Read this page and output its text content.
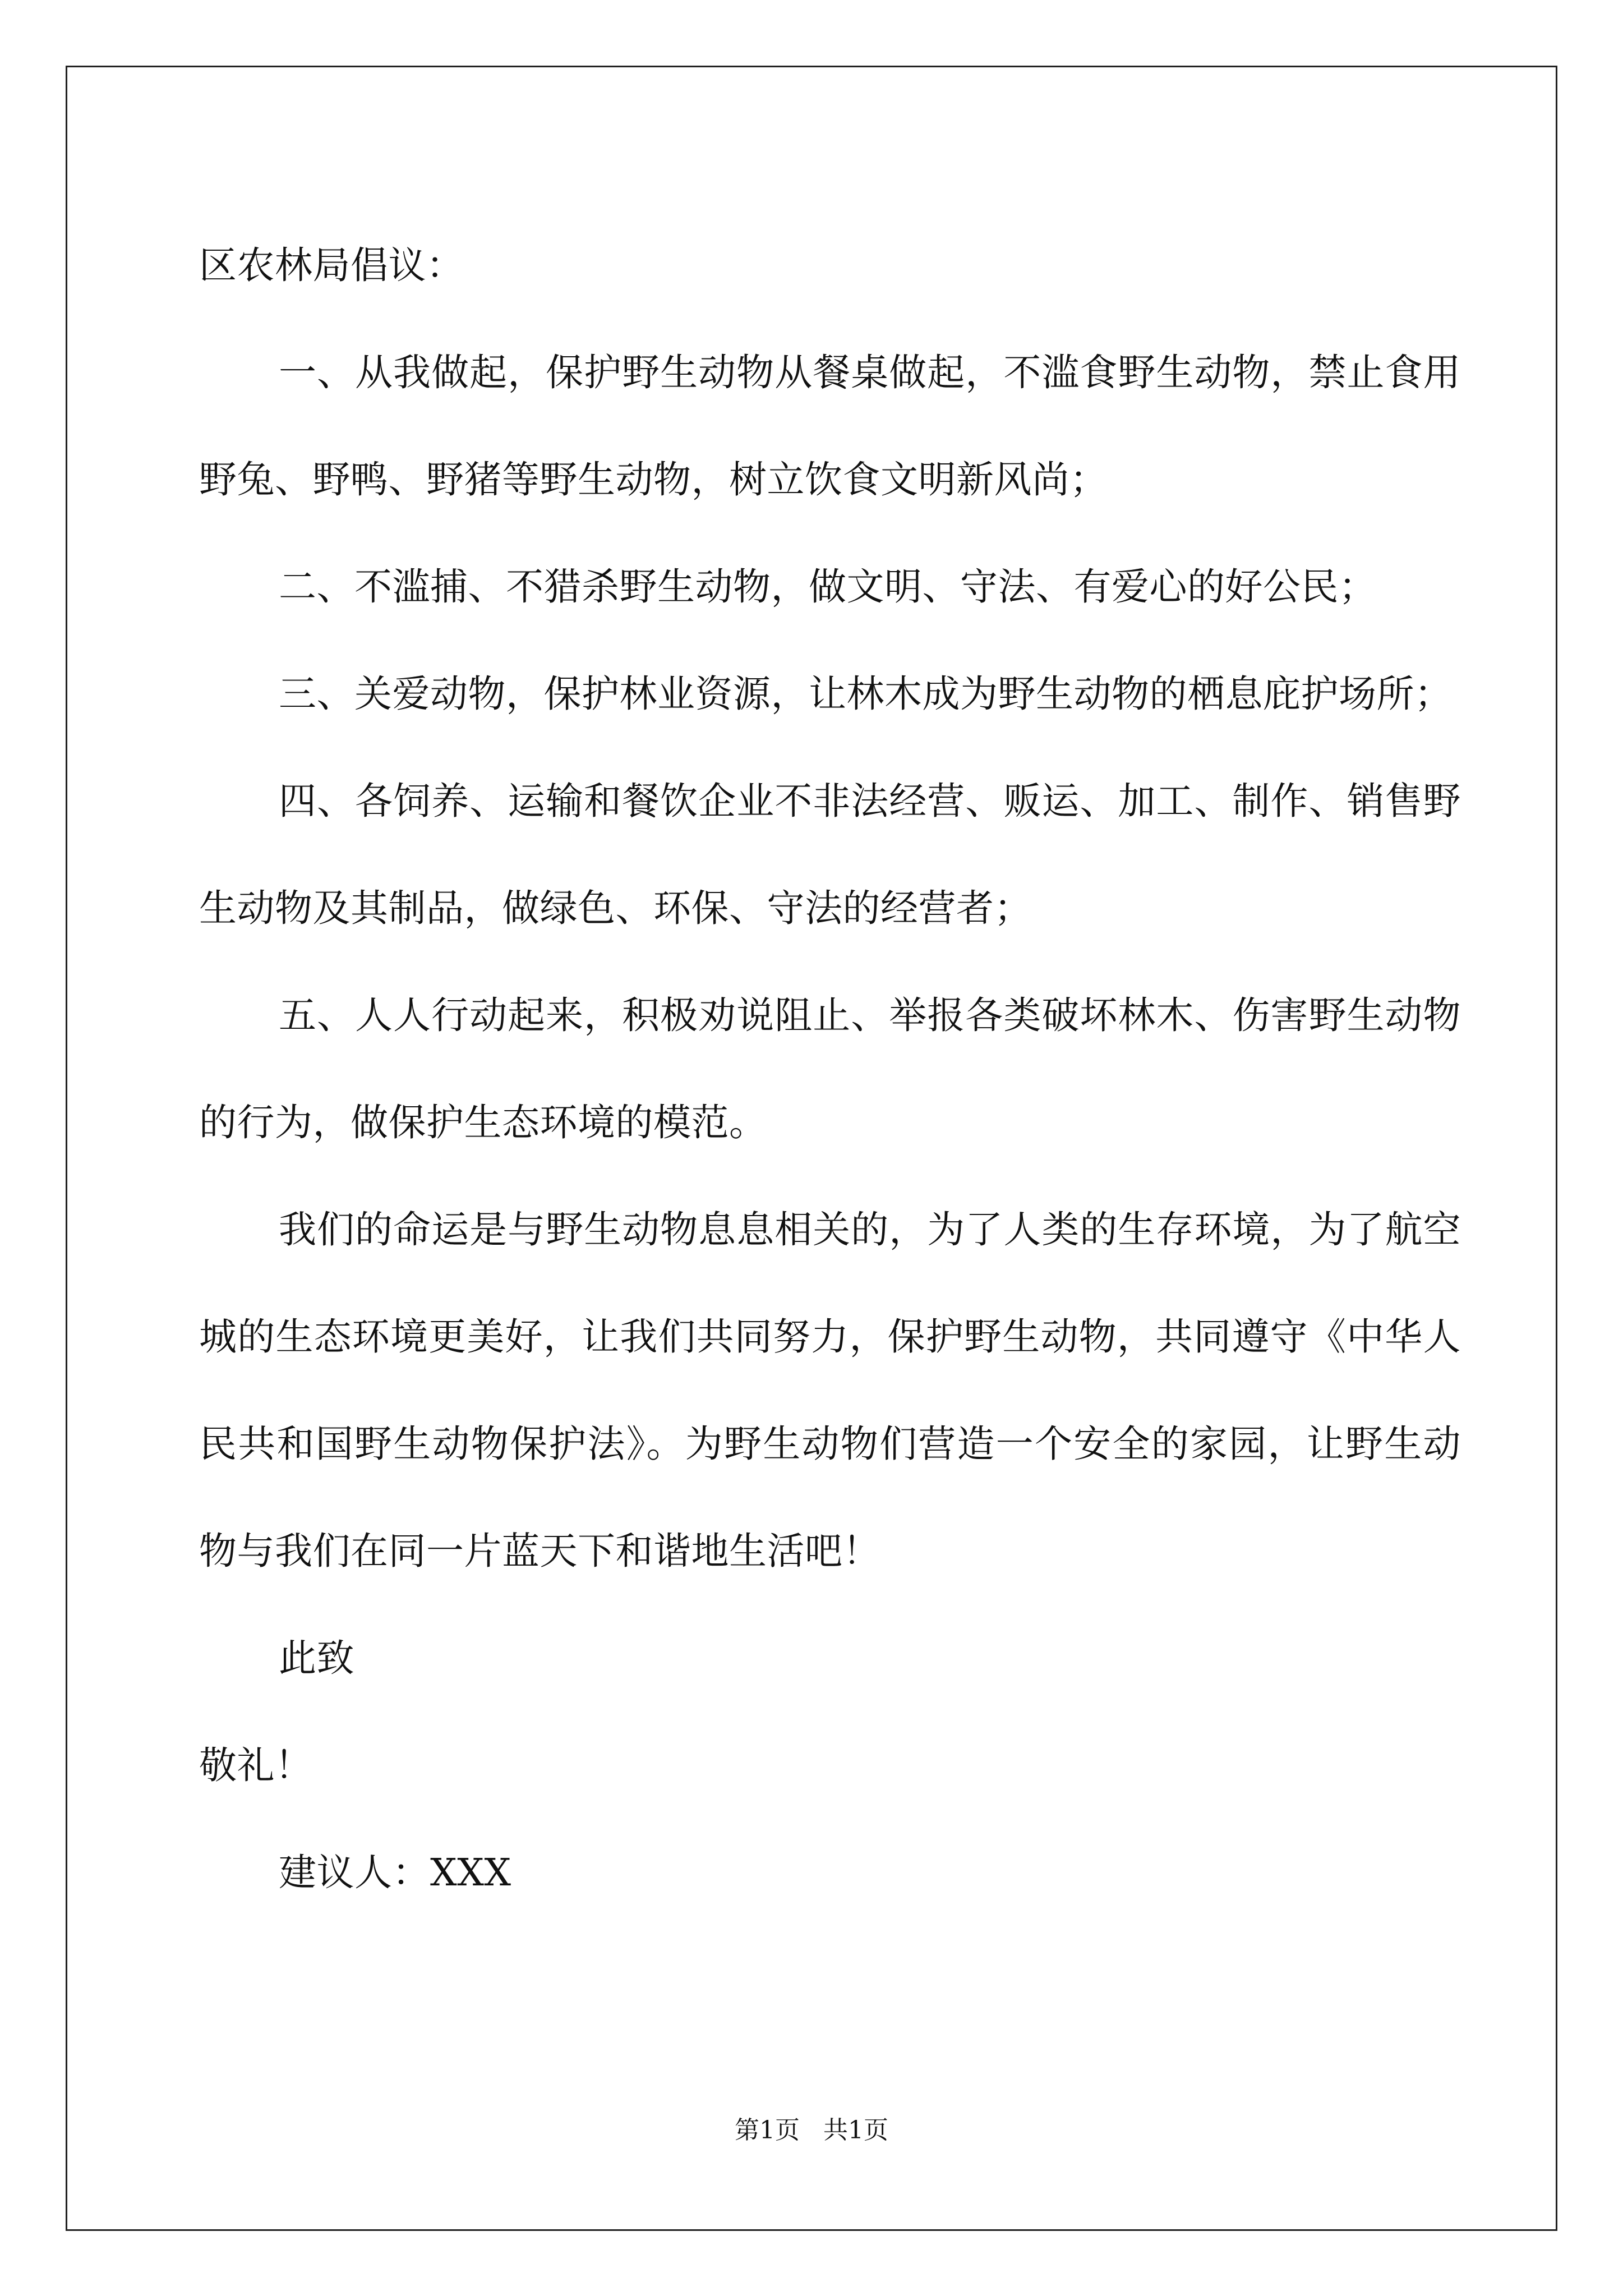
区农林局倡议：

一、从我做起，保护野生动物从餐桌做起，不滥食野生动物，禁止食用野兔、野鸭、野猪等野生动物，树立饮食文明新风尚；

二、不滥捕、不猎杀野生动物，做文明、守法、有爱心的好公民；

三、关爱动物，保护林业资源，让林木成为野生动物的栖息庇护场所；

四、各饲养、运输和餐饮企业不非法经营、贩运、加工、制作、销售野生动物及其制品，做绿色、环保、守法的经营者；

五、人人行动起来，积极劝说阻止、举报各类破坏林木、伤害野生动物的行为，做保护生态环境的模范。

我们的命运是与野生动物息息相关的，为了人类的生存环境，为了航空城的生态环境更美好，让我们共同努力，保护野生动物，共同遵守《中华人民共和国野生动物保护法》。为野生动物们营造一个安全的家园，让野生动物与我们在同一片蓝天下和谐地生活吧！

此致

敬礼！

建议人：XXX

第1页 共1页
